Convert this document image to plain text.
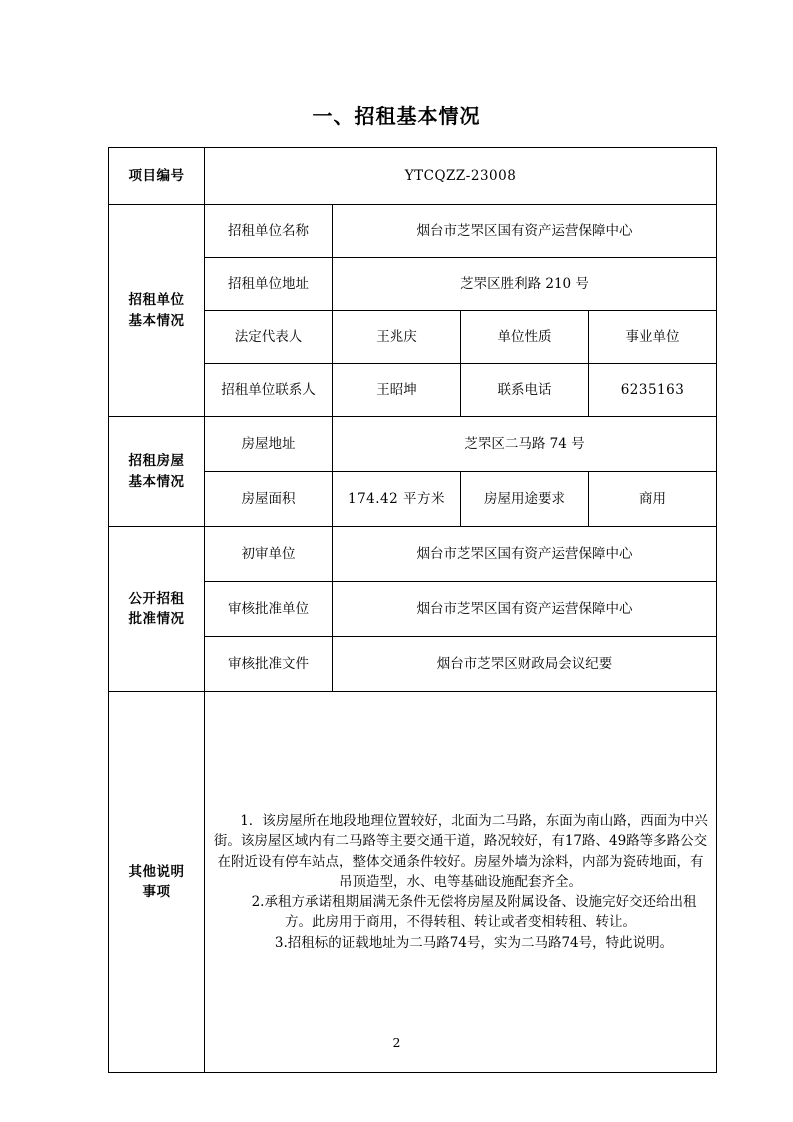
一、招租基本情况
项目编号	YTCQZZ-23008			

招租单位
基本情况	招租单位名称	烟台市芝罘区国有资产运营保障中心		
	招租单位地址	芝罘区胜利路 210 号		
	法定代表人	王兆庆	单位性质	事业单位
	招租单位联系人	王昭坤	联系电话	6235163

招租房屋
基本情况	房屋地址	芝罘区二马路 74 号		
	房屋面积	174.42 平方米	房屋用途要求	商用

公开招租
批准情况	初审单位	烟台市芝罘区国有资产运营保障中心		
	审核批准单位	烟台市芝罘区国有资产运营保障中心		
	审核批准文件	烟台市芝罘区财政局会议纪要		

其他说明
事项

1．该房屋所在地段地理位置较好，北面为二马路，东面为南山路，西面为中兴街。该房屋区域内有二马路等主要交通干道，路况较好，有17路、49路等多路公交在附近设有停车站点，整体交通条件较好。房屋外墙为涂料，内部为瓷砖地面，有吊顶造型，水、电等基础设施配套齐全。

2.承租方承诺租期届满无条件无偿将房屋及附属设备、设施完好交还给出租方。此房用于商用，不得转租、转让或者变相转租、转让。

3.招租标的证载地址为二马路74号，实为二马路74号，特此说明。

2
